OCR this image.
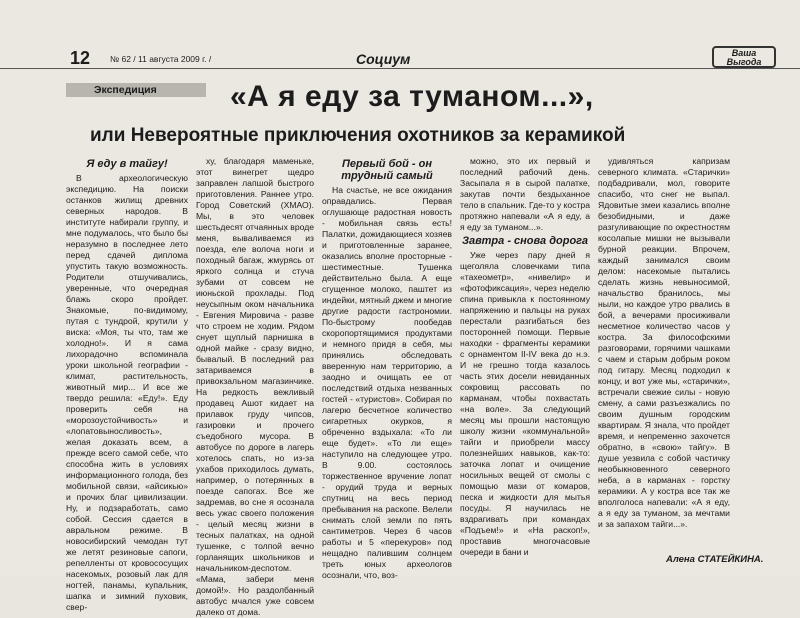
12 № 62 / 11 августа 2009 г. /	Социум	Ваша Выгода
Экспедиция	«А я еду за туманом...»,
или Невероятные приключения охотников за керамикой
Я еду в тайгу!

В археологическую экспедицию. На поиски останков жилищ древних северных народов. В институте набирали группу, и мне подумалось, что было бы неразумно в последнее лето перед сдачей диплома упустить такую возможность. Родители отшучивались, уверенные, что очередная блажь скоро пройдет. Знакомые, по-видимому, путая с тундрой, крутили у виска: «Моя, ты что, там же холодно!». И я сама лихорадочно вспоминала уроки школьной географии - климат, растительность, животный мир... И все же твердо решила: «Еду!». Еду проверить себя на «морозоустойчивость» и «лопатовыносливость», желая доказать всем, а прежде всего самой себе, что способна жить в условиях информационного голода, без мобильной связи, «айсикью» и прочих благ цивилизации. Ну, и подзаработать, само собой. Сессия сдается в авральном режиме. В новосибирский чемодан тут же летят резиновые сапоги, репелленты от кровососущих насекомых, розовый лак для ногтей, панамы, купальник, шапка и зимний пуховик, свер-

ху, благодаря маменьке, этот винегрет щедро заправлен лапшой быстрого приготовления. Раннее утро. Город Советский (ХМАО). Мы, в это человек шестьдесят отчаянных вроде меня, вываливаемся из поезда, еле волоча ноги и походный багаж, жмурясь от яркого солнца и стуча зубами от совсем не июньской прохлады. Под неусыпным оком начальника - Евгения Мировича - разве что строем не ходим. Рядом снует щуплый парнишка в одной майке - сразу видно, бывалый. В последний раз затариваемся в привокзальном магазинчике. На редкость вежливый продавец Ашот кидает на прилавок груду чипсов, газировки и прочего съедобного мусора. В автобусе по дороге в лагерь хотелось спать, но из-за ухабов приходилось думать, например, о потерянных в поезде сапогах. Все же задремав, во сне я осознала весь ужас своего положения - целый месяц жизни в тесных палатках, на одной тушенке, с толпой вечно горланящих школьников и начальником-деспотом. «Мама, забери меня домой!». Но раздолбанный автобус мчался уже совсем далеко от дома.

Первый бой - он трудный самый

На счастье, не все ожидания оправдались. Первая оглушающе радостная новость - мобильная связь есть! Палатки, дожидающиеся хозяев и приготовленные заранее, оказались вполне просторные - шестиместные. Тушенка действительно была. А еще сгущенное молоко, паштет из индейки, мятный джем и многие другие радости гастрономии. По-быстрому пообедав скоропортящимися продуктами и немного придя в себя, мы принялись обследовать вверенную нам территорию, а заодно и очищать ее от последствий отдыха незванных гостей - «туристов». Собирая по лагерю бесчетное количество сигаретных окурков, я обреченно вздыхала: «То ли еще будет». «То ли еще» наступило на следующее утро. В 9.00. состоялось торжественное вручение лопат - орудий труда и верных спутниц на весь период пребывания на раскопе. Велели снимать слой земли по пять сантиметров. Через 6 часов работы и 5 «перекуров» под нещадно палившим солнцем треть юных археологов осознали, что, воз-

можно, это их первый и последний рабочий день. Засыпала я в сырой палатке, закутав почти бездыханное тело в спальник. Где-то у костра протяжно напевали «А я еду, а я еду за туманом...».

Завтра - снова дорога

Уже через пару дней я щеголяла словечками типа «тахеометр», «нивелир» и «фотофиксация», через неделю спина привыкла к постоянному напряжению и пальцы на руках перестали разгибаться без посторонней помощи. Первые находки - фрагменты керамики с орнаментом II-IV века до н.э. И не грешно тогда казалось часть этих досели невиданных сокровищ рассовать по карманам, чтобы похвастать «на воле». За следующий месяц мы прошли настоящую школу жизни «коммунальной» тайги и приобрели массу полезнейших навыков, как-то: заточка лопат и очищение носильных вещей от смолы с помощью мази от комаров, песка и жидкости для мытья посуды. Я научилась не вздрагивать при командах «Подъем!» и «На раскоп!», проставив многочасовые очереди в бани и

удивляться капризам северного климата. «Старички» подбадривали, мол, говорите спасибо, что снег не выпал. Ядовитые змеи казались вполне безобидными, и даже разгуливающие по окрестностям косолапые мишки не вызывали бурной реакции. Впрочем, каждый занимался своим делом: насекомые пытались сделать жизнь невыносимой, начальство бранилось, мы ныли, но каждое утро рвались в бой, а вечерами просиживали несметное количество часов у костра. За философскими разговорами, горячими чашками с чаем и старым добрым роком под гитару. Месяц подходил к концу, и вот уже мы, «старички», встречали свежие силы - новую смену, а сами разъезжались по своим душным городским квартирам. Я знала, что пройдет время, и непременно захочется обратно, в «свою» тайгу». В душе уезвила с собой частичку необыкновенного северного неба, а в карманах - горстку керамики. А у костра все так же вполголоса напевали: «А я еду, а я еду за туманом, за мечтами и за запахом тайги...».

Алена СТАТЕЙКИНА.
